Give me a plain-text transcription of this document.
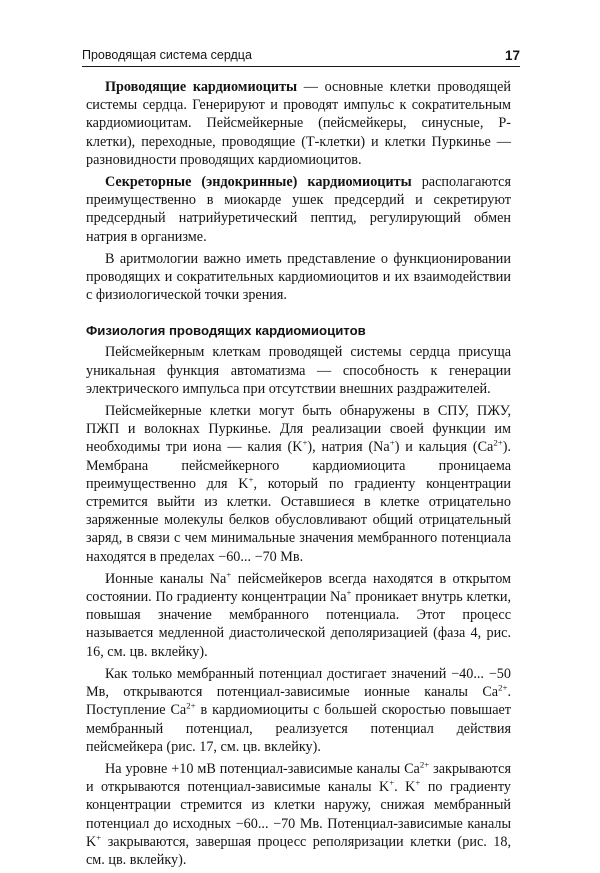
Проводящая система сердца	17

Проводящие кардиомиоциты — основные клетки проводящей системы сердца. Генерируют и проводят импульс к сократительным кардиомиоцитам. Пейсмейкерные (пейсмейкеры, синусные, Р-клетки), переходные, проводящие (Т-клетки) и клетки Пуркинье — разновидности проводящих кардиомиоцитов.

Секреторные (эндокринные) кардиомиоциты располагаются преимущественно в миокарде ушек предсердий и секретируют предсердный натрийуретический пептид, регулирующий обмен натрия в организме.

В аритмологии важно иметь представление о функционировании проводящих и сократительных кардиомиоцитов и их взаимодействии с физиологической точки зрения.

Физиология проводящих кардиомиоцитов

Пейсмейкерным клеткам проводящей системы сердца присуща уникальная функция автоматизма — способность к генерации электрического импульса при отсутствии внешних раздражителей.

Пейсмейкерные клетки могут быть обнаружены в СПУ, ПЖУ, ПЖП и волокнах Пуркинье. Для реализации своей функции им необходимы три иона — калия (K+), натрия (Na+) и кальция $(Ca^{2+})$. Мембрана пейсмейкерного кардиомиоцита проницаема преимущественно для K+, который по градиенту концентрации стремится выйти из клетки. Оставшиеся в клетке отрицательно заряженные молекулы белков обусловливают общий отрицательный заряд, в связи с чем минимальные значения мембранного потенциала находятся в пределах −60... −70 Мв.

Ионные каналы Na+ пейсмейкеров всегда находятся в открытом состоянии. По градиенту концентрации Na+ проникает внутрь клетки, повышая значение мембранного потенциала. Этот процесс называется медленной диастолической деполяризацией (фаза 4, рис. 16, см. цв. вклейку).

Как только мембранный потенциал достигает значений −40... −50 Мв, открываются потенциал-зависимые ионные каналы $Ca^{2+}$. Поступление $Ca^{2+}$ в кардиомиоциты с большей скоростью повышает мембранный потенциал, реализуется потенциал действия пейсмейкера (рис. 17, см. цв. вклейку).

На уровне +10 мВ потенциал-зависимые каналы $Ca^{2+}$ закрываются и открываются потенциал-зависимые каналы K+. K+ по градиенту концентрации стремится из клетки наружу, снижая мембранный потенциал до исходных −60... −70 Мв. Потенциал-зависимые каналы K+ закрываются, завершая процесс реполяризации клетки (рис. 18, см. цв. вклейку).
